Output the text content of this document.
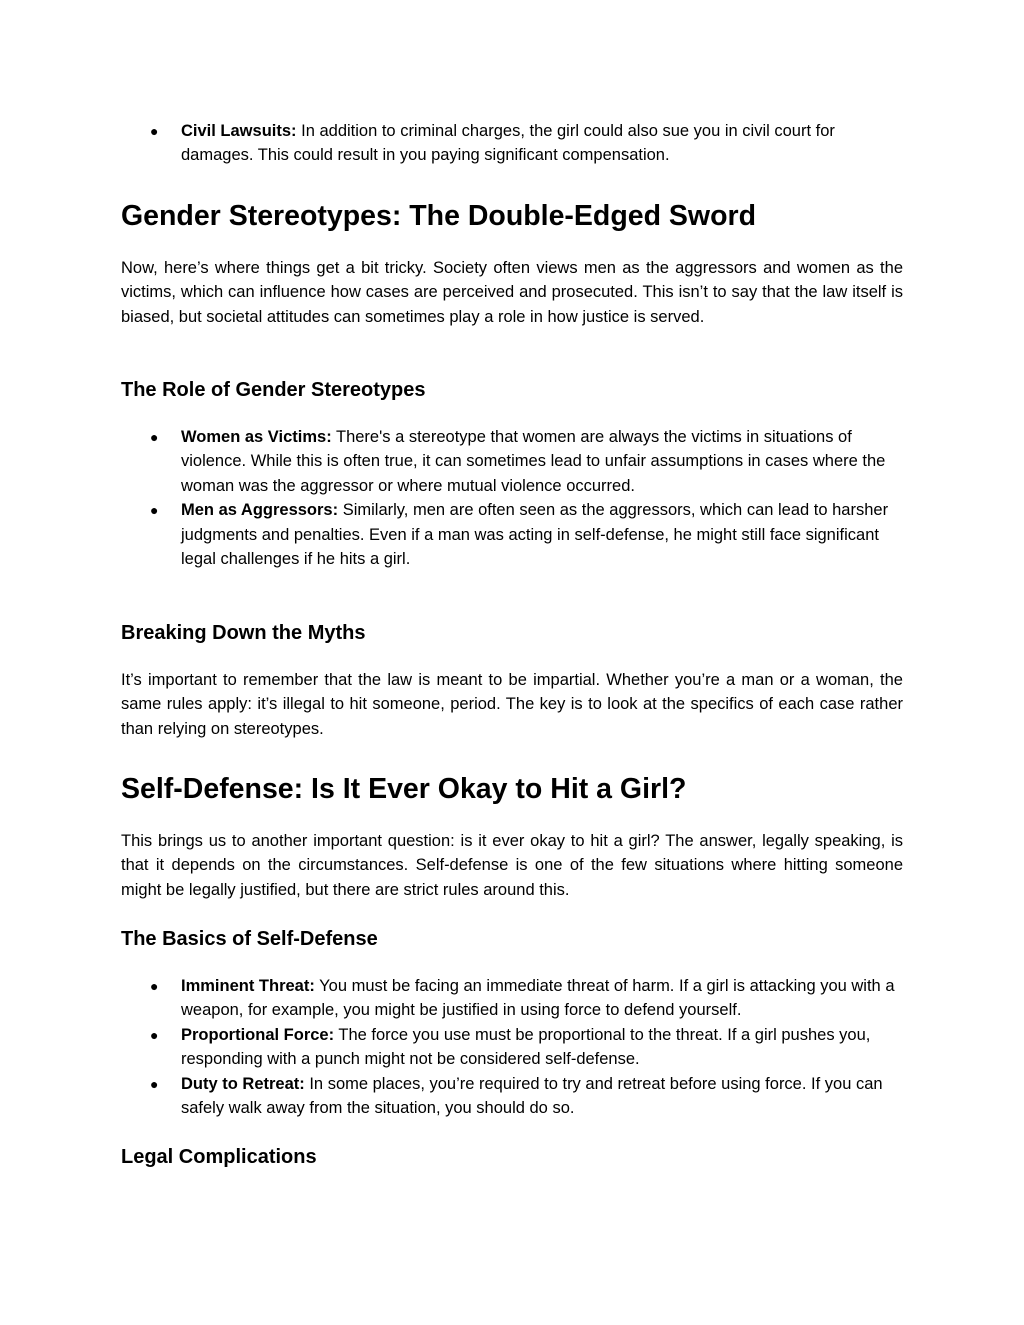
● Civil Lawsuits: In addition to criminal charges, the girl could also sue you in civil court for damages. This could result in you paying significant compensation.
Gender Stereotypes: The Double-Edged Sword
Now, here’s where things get a bit tricky. Society often views men as the aggressors and women as the victims, which can influence how cases are perceived and prosecuted. This isn’t to say that the law itself is biased, but societal attitudes can sometimes play a role in how justice is served.
The Role of Gender Stereotypes
● Women as Victims: There's a stereotype that women are always the victims in situations of violence. While this is often true, it can sometimes lead to unfair assumptions in cases where the woman was the aggressor or where mutual violence occurred.
● Men as Aggressors: Similarly, men are often seen as the aggressors, which can lead to harsher judgments and penalties. Even if a man was acting in self-defense, he might still face significant legal challenges if he hits a girl.
Breaking Down the Myths
It’s important to remember that the law is meant to be impartial. Whether you’re a man or a woman, the same rules apply: it’s illegal to hit someone, period. The key is to look at the specifics of each case rather than relying on stereotypes.
Self-Defense: Is It Ever Okay to Hit a Girl?
This brings us to another important question: is it ever okay to hit a girl? The answer, legally speaking, is that it depends on the circumstances. Self-defense is one of the few situations where hitting someone might be legally justified, but there are strict rules around this.
The Basics of Self-Defense
● Imminent Threat: You must be facing an immediate threat of harm. If a girl is attacking you with a weapon, for example, you might be justified in using force to defend yourself.
● Proportional Force: The force you use must be proportional to the threat. If a girl pushes you, responding with a punch might not be considered self-defense.
● Duty to Retreat: In some places, you’re required to try and retreat before using force. If you can safely walk away from the situation, you should do so.
Legal Complications
